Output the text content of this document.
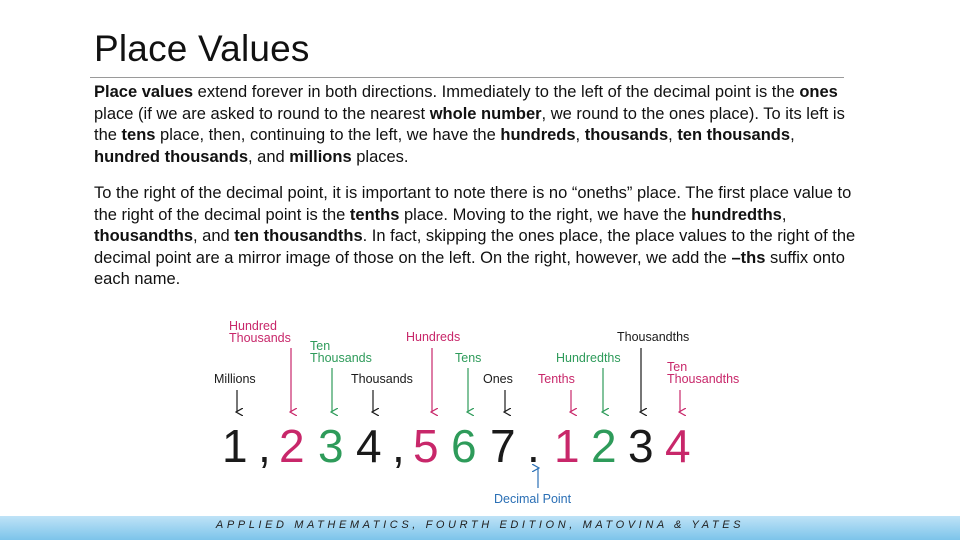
Place Values
Place values extend forever in both directions. Immediately to the left of the decimal point is the ones place (if we are asked to round to the nearest whole number, we round to the ones place). To its left is the tens place, then, continuing to the left, we have the hundreds, thousands, ten thousands, hundred thousands, and millions places.
To the right of the decimal point, it is important to note there is no “oneths” place. The first place value to the right of the decimal point is the tenths place. Moving to the right, we have the hundredths, thousandths, and ten thousandths. In fact, skipping the ones place, the place values to the right of the decimal point are a mirror image of those on the left. On the right, however, we add the –ths suffix onto each name.
1 , 2 3 4 , 5 6 7 . 1 2 3 4
Hundred Thousands
Ten Thousands
Millions	Thousands
Hundreds
Tens
Ones Tenths
Hundredths
Thousandths
Ten Thousandths
Decimal Point
APPLIED MATHEMATICS, FOURTH EDITION, MATOVINA & YATES
